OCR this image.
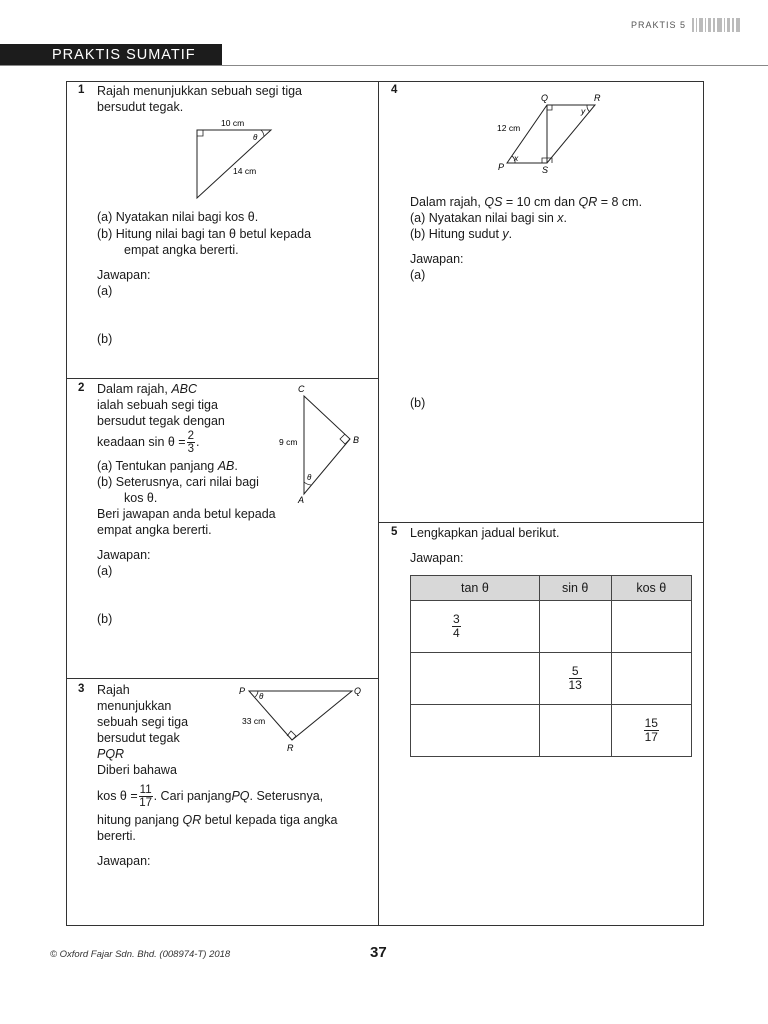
PRAKTIS 5
PRAKTIS SUMATIF
1 Rajah menunjukkan sebuah segi tiga
bersudut tegak.
10 cm
14 cm
θ
(a) Nyatakan nilai bagi kos θ.
(b) Hitung nilai bagi tan θ betul kepada
empat angka bererti.
Jawapan:
(a)
(b)
2 Dalam rajah, ABC
ialah sebuah segi tiga
bersudut tegak dengan
keadaan $\sin \theta = \frac{2}{3}$ .
(a) Tentukan panjang AB.
(b) Seterusnya, cari nilai bagi
kos θ.
Beri jawapan anda betul kepada
empat angka bererti.
Jawapan:
(a)
(b)
C
B
A
9 cm
θ
3 Rajah
menunjukkan
sebuah segi tiga
bersudut tegak
PQR
Diberi bahawa
kos $\theta = \frac{11}{17}$ . Cari panjang PQ . Seterusnya,
hitung panjang QR betul kepada tiga angka
bererti.
Jawapan:
P	Q
R
33 cm
θ
4
Q	R
P	S
12 cm
x
y
Dalam rajah, QS = 10 cm dan QR = 8 cm.
(a) Nyatakan nilai bagi sin x.
(b) Hitung sudut y.
Jawapan:
(a)
(b)
5 Lengkapkan jadual berikut.
Jawapan:
tan θ	sin θ	kos θ

$\frac{3}{4}$

	$\frac{5}{13}$

		$\frac{15}{17}$
© Oxford Fajar Sdn. Bhd. (008974-T) 2018	37
